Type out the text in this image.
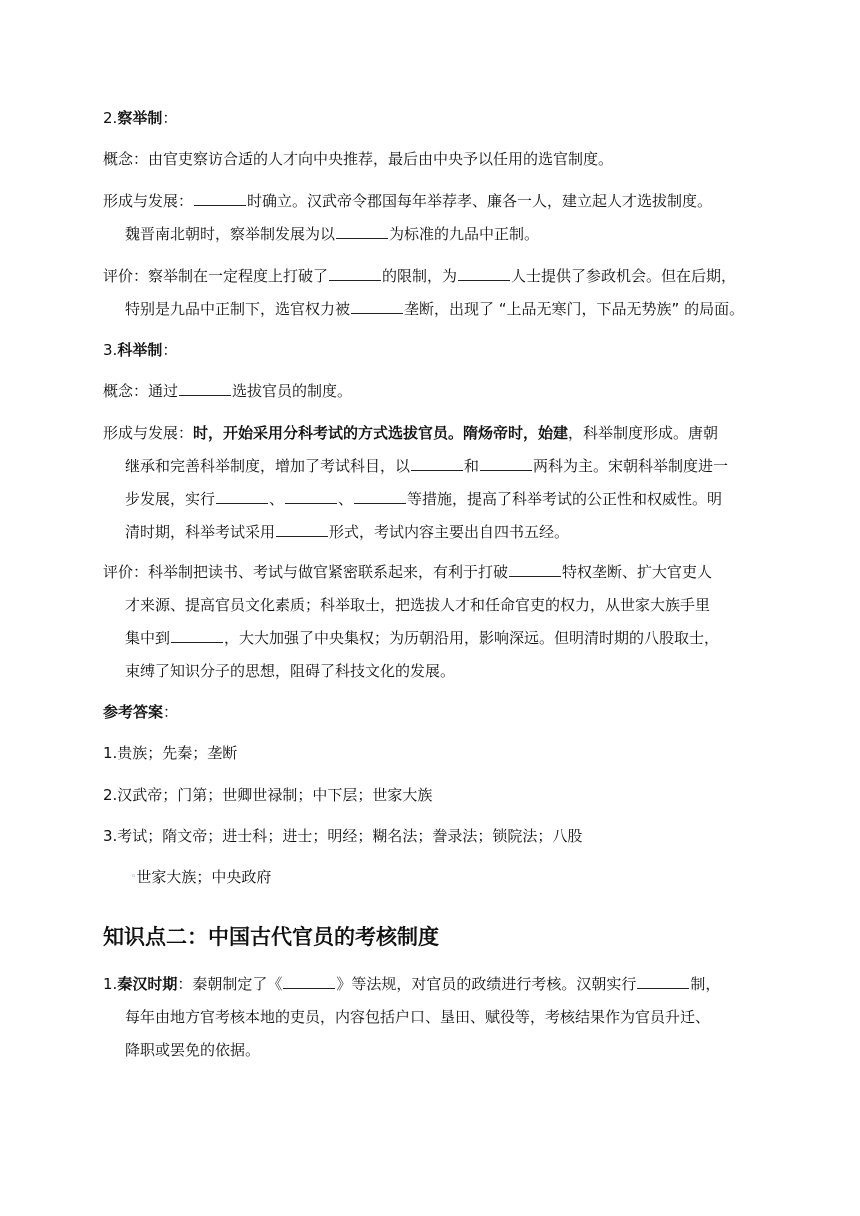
2.察举制：

概念：由官吏察访合适的人才向中央推荐，最后由中央予以任用的选官制度。

形成与发展：	时确立。汉武帝令郡国每年举荐孝、廉各一人，建立起人才选拔制度。
魏晋南北朝时，察举制发展为以	为标准的九品中正制。

评价：察举制在一定程度上打破了	的限制，为	人士提供了参政机会。但在后期，
特别是九品中正制下，选官权力被	垄断，出现了 “上品无寒门，下品无势族” 的局面。

3.科举制：

概念：通过	选拔官员的制度。

形成与发展：时，开始采用分科考试的方式选拔官员。隋炀帝时，始建，科举制度形成。唐朝
继承和完善科举制度，增加了考试科目，以	和	两科为主。宋朝科举制度进一
步发展，实行	、	、	等措施，提高了科举考试的公正性和权威性。明
清时期，科举考试采用	形式，考试内容主要出自四书五经。

评价：科举制把读书、考试与做官紧密联系起来，有利于打破	特权垄断、扩大官吏人
才来源、提高官员文化素质；科举取士，把选拔人才和任命官吏的权力，从世家大族手里
集中到	，大大加强了中央集权；为历朝沿用，影响深远。但明清时期的八股取士，
束缚了知识分子的思想，阻碍了科技文化的发展。

参考答案：

1.贵族；先秦；垄断

2.汉武帝；门第；世卿世禄制；中下层；世家大族

3.考试；隋文帝；进士科；进士；明经；糊名法；誊录法；锁院法；八股

◦世家大族；中央政府

知识点二：中国古代官员的考核制度

1.秦汉时期：秦朝制定了《	》等法规，对官员的政绩进行考核。汉朝实行	制，
每年由地方官考核本地的吏员，内容包括户口、垦田、赋役等，考核结果作为官员升迁、
降职或罢免的依据。
